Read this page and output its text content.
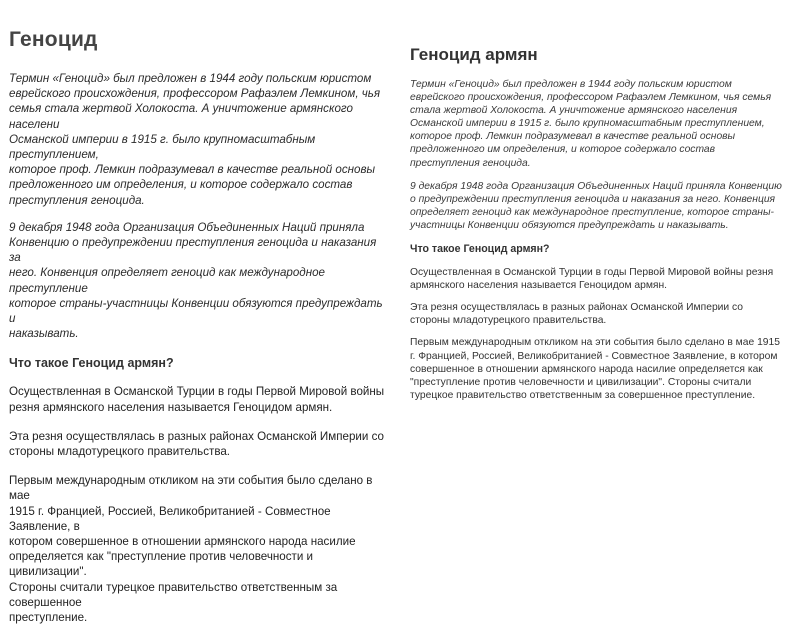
Геноцид
Термин «Геноцид» был предложен в 1944 году польским юристом
еврейского происхождения, профессором Рафаэлем Лемкином, чья
семья стала жертвой Холокоста. А уничтожение армянского населени
Османской империи в 1915 г. было крупномасштабным преступлением,
которое проф. Лемкин подразумевал в качестве реальной основы
предложенного им определения, и которое содержало состав
преступления геноцида.
9 декабря 1948 года Организация Объединенных Наций приняла
Конвенцию о предупреждении преступления геноцида и наказания за
него. Конвенция определяет геноцид как международное преступление
которое страны-участницы Конвенции обязуются предупреждать и
наказывать.
Что такое Геноцид армян?
Осуществленная в Османской Турции в годы Первой Мировой войны
резня армянского населения называется Геноцидом армян.
Эта резня осуществлялась в разных районах Османской Империи со
стороны младотурецкого правительства.
Первым международным откликом на эти события было сделано в мае
1915 г. Францией, Россией, Великобританией - Совместное Заявление, в
котором совершенное в отношении армянского народа насилие
определяется как "преступление против человечности и цивилизации".
Стороны считали турецкое правительство ответственным за совершенное
преступление.
Геноцид армян
Термин «Геноцид» был предложен в 1944 году польским юристом
еврейского происхождения, профессором Рафаэлем Лемкином, чья семья
стала жертвой Холокоста. А уничтожение армянского населения
Османской империи в 1915 г. было крупномасштабным преступлением,
которое проф. Лемкин подразумевал в качестве реальной основы
предложенного им определения, и которое содержало состав
преступления геноцида.
9 декабря 1948 года Организация Объединенных Наций приняла Конвенцию
о предупреждении преступления геноцида и наказания за него. Конвенция
определяет геноцид как международное преступление, которое страны-
участницы Конвенции обязуются предупреждать и наказывать.
Что такое Геноцид армян?
Осуществленная в Османской Турции в годы Первой Мировой войны резня
армянского населения называется Геноцидом армян.
Эта резня осуществлялась в разных районах Османской Империи со
стороны младотурецкого правительства.
Первым международным откликом на эти события было сделано в мае 1915
г. Францией, Россией, Великобританией - Совместное Заявление, в котором
совершенное в отношении армянского народа насилие определяется как
"преступление против человечности и цивилизации". Стороны считали
турецкое правительство ответственным за совершенное преступление.
